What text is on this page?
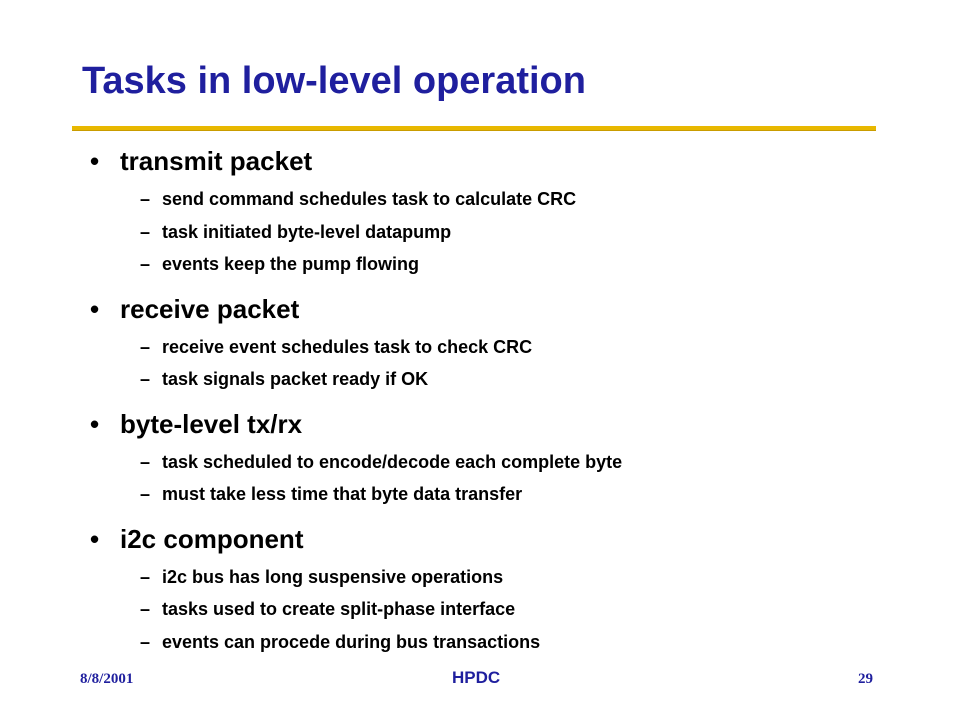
Tasks in low-level operation
• transmit packet
– send command schedules task to calculate CRC
– task initiated byte-level datapump
– events keep the pump flowing
• receive packet
– receive event schedules task to check CRC
– task signals packet ready if OK
• byte-level tx/rx
– task scheduled to encode/decode each complete byte
– must take less time that byte data transfer
• i2c component
– i2c bus has long suspensive operations
– tasks used to create split-phase interface
– events can procede during bus transactions
8/8/2001	HPDC	29
